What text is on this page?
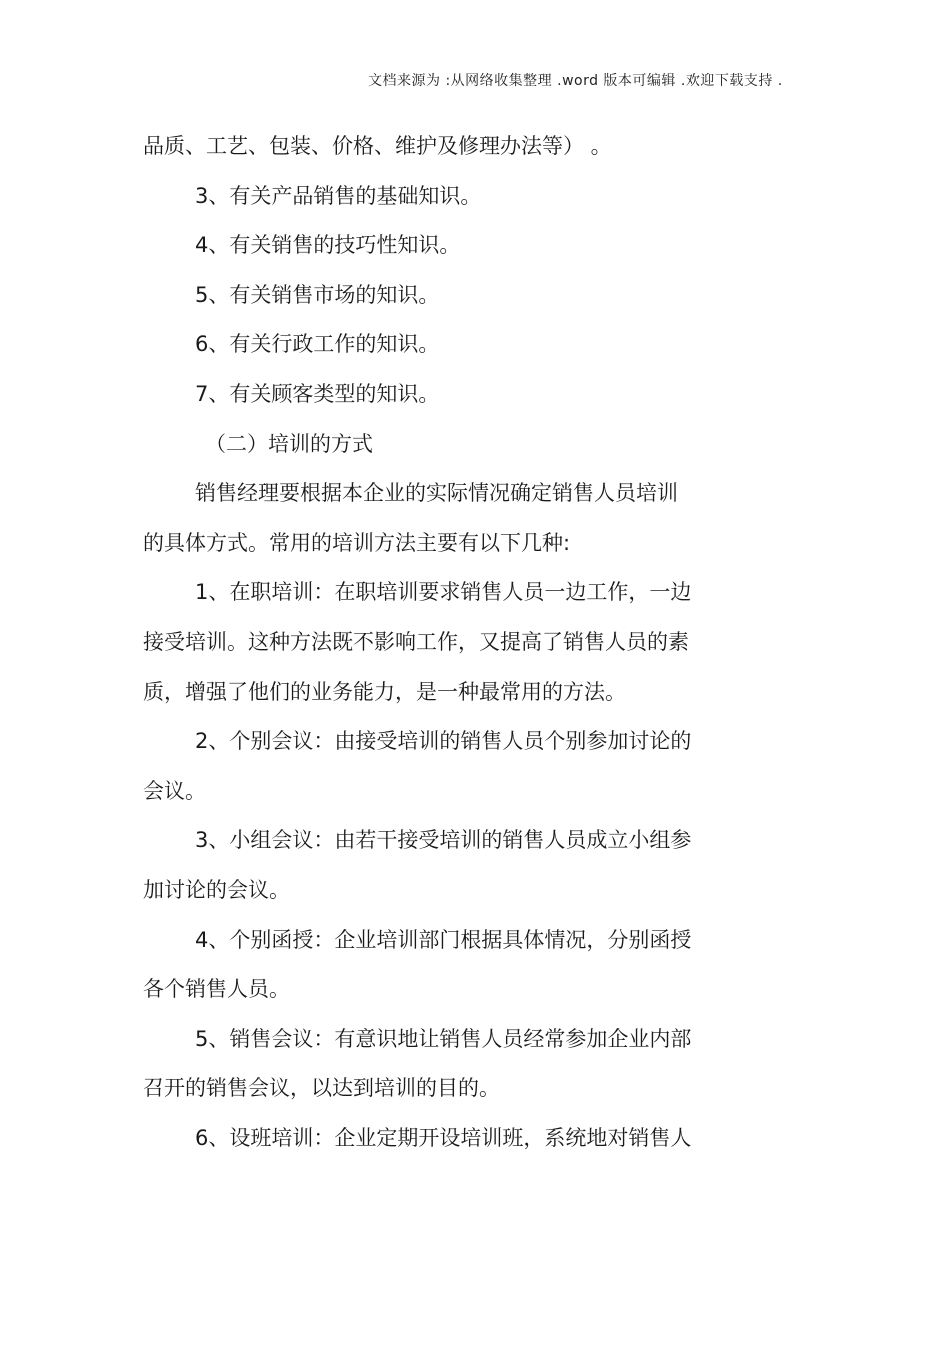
文档来源为 :从网络收集整理 .word 版本可编辑 .欢迎下载支持 .

品质、工艺、包装、价格、维护及修理办法等） 。

3、有关产品销售的基础知识。

4、有关销售的技巧性知识。

5、有关销售市场的知识。

6、有关行政工作的知识。

7、有关顾客类型的知识。

（二）培训的方式

销售经理要根据本企业的实际情况确定销售人员培训

的具体方式。常用的培训方法主要有以下几种:

1、在职培训：在职培训要求销售人员一边工作，一边

接受培训。这种方法既不影响工作，又提高了销售人员的素

质，增强了他们的业务能力，是一种最常用的方法。

2、个别会议：由接受培训的销售人员个别参加讨论的

会议。

3、小组会议：由若干接受培训的销售人员成立小组参

加讨论的会议。

4、个别函授：企业培训部门根据具体情况，分别函授

各个销售人员。

5、销售会议：有意识地让销售人员经常参加企业内部

召开的销售会议，以达到培训的目的。

6、设班培训：企业定期开设培训班，系统地对销售人
